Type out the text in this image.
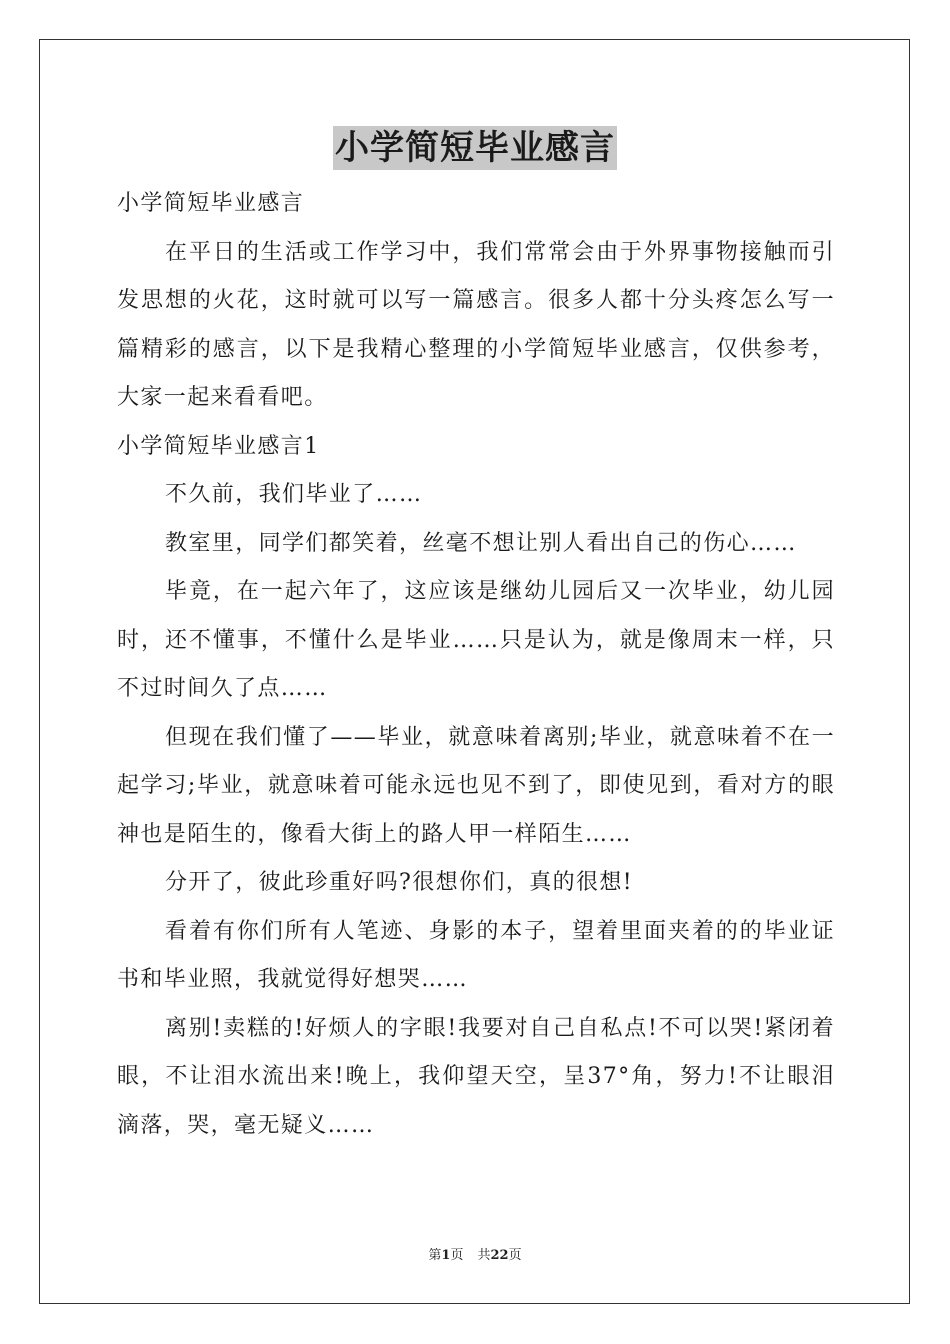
小学简短毕业感言

小学简短毕业感言

在平日的生活或工作学习中，我们常常会由于外界事物接触而引发思想的火花，这时就可以写一篇感言。很多人都十分头疼怎么写一篇精彩的感言，以下是我精心整理的小学简短毕业感言，仅供参考，大家一起来看看吧。

小学简短毕业感言1

不久前，我们毕业了……

教室里，同学们都笑着，丝毫不想让别人看出自己的伤心……

毕竟，在一起六年了，这应该是继幼儿园后又一次毕业，幼儿园时，还不懂事，不懂什么是毕业……只是认为，就是像周末一样，只不过时间久了点……

但现在我们懂了——毕业，就意味着离别;毕业，就意味着不在一起学习;毕业，就意味着可能永远也见不到了，即使见到，看对方的眼神也是陌生的，像看大街上的路人甲一样陌生……

分开了，彼此珍重好吗?很想你们，真的很想!

看着有你们所有人笔迹、身影的本子，望着里面夹着的的毕业证书和毕业照，我就觉得好想哭……

离别!卖糕的!好烦人的字眼!我要对自己自私点!不可以哭!紧闭着眼，不让泪水流出来!晚上，我仰望天空，呈37°角，努力!不让眼泪滴落，哭，毫无疑义……

第1页 共22页
